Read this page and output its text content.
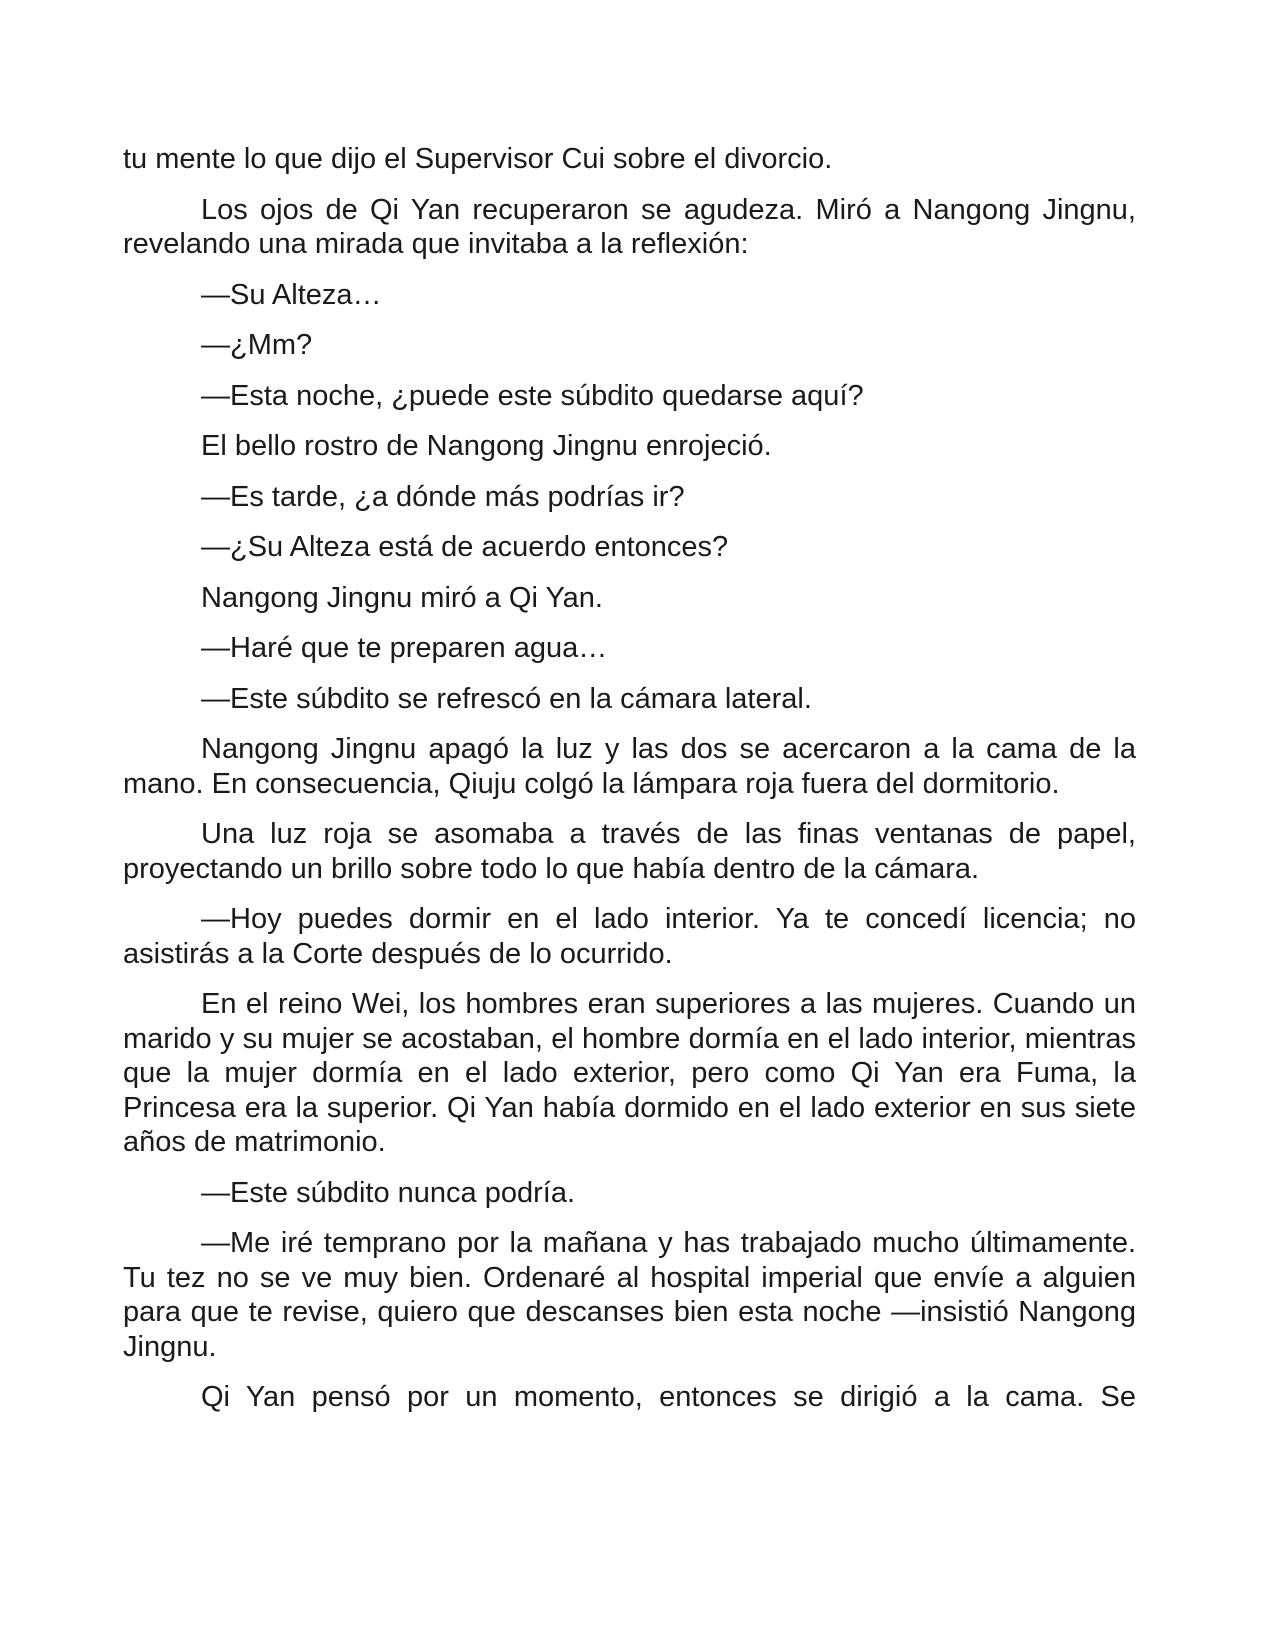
tu mente lo que dijo el Supervisor Cui sobre el divorcio.

Los ojos de Qi Yan recuperaron se agudeza. Miró a Nangong Jingnu, revelando una mirada que invitaba a la reflexión:

—Su Alteza…

—¿Mm?

—Esta noche, ¿puede este súbdito quedarse aquí?

El bello rostro de Nangong Jingnu enrojeció.

—Es tarde, ¿a dónde más podrías ir?

—¿Su Alteza está de acuerdo entonces?

Nangong Jingnu miró a Qi Yan.

—Haré que te preparen agua…

—Este súbdito se refrescó en la cámara lateral.

Nangong Jingnu apagó la luz y las dos se acercaron a la cama de la mano. En consecuencia, Qiuju colgó la lámpara roja fuera del dormitorio.

Una luz roja se asomaba a través de las finas ventanas de papel, proyectando un brillo sobre todo lo que había dentro de la cámara.

—Hoy puedes dormir en el lado interior. Ya te concedí licencia; no asistirás a la Corte después de lo ocurrido.

En el reino Wei, los hombres eran superiores a las mujeres. Cuando un marido y su mujer se acostaban, el hombre dormía en el lado interior, mientras que la mujer dormía en el lado exterior, pero como Qi Yan era Fuma, la Princesa era la superior. Qi Yan había dormido en el lado exterior en sus siete años de matrimonio.

—Este súbdito nunca podría.

—Me iré temprano por la mañana y has trabajado mucho últimamente. Tu tez no se ve muy bien. Ordenaré al hospital imperial que envíe a alguien para que te revise, quiero que descanses bien esta noche —insistió Nangong Jingnu.

Qi Yan pensó por un momento, entonces se dirigió a la cama. Se
